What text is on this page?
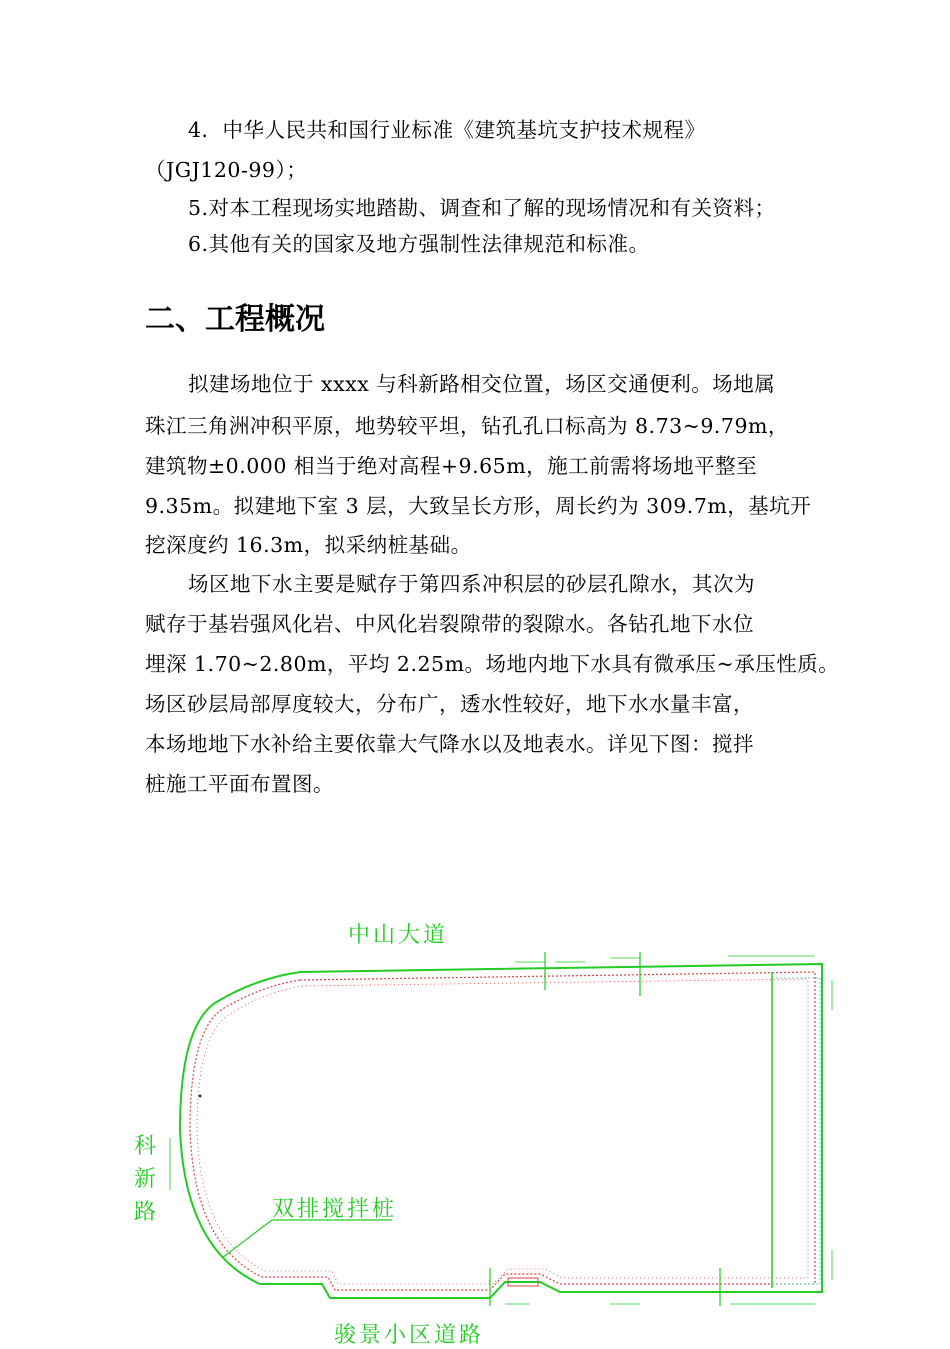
4．中华人民共和国行业标准《建筑基坑支护技术规程》
（JGJ120-99）；
5.对本工程现场实地踏勘、调查和了解的现场情况和有关资料；
6.其他有关的国家及地方强制性法律规范和标准。
二、工程概况
拟建场地位于 xxxx 与科新路相交位置，场区交通便利。场地属
珠江三角洲冲积平原，地势较平坦，钻孔孔口标高为 8.73~9.79m，
建筑物±0.000 相当于绝对高程+9.65m，施工前需将场地平整至
9.35m。拟建地下室 3 层，大致呈长方形，周长约为 309.7m，基坑开
挖深度约 16.3m，拟采纳桩基础。
场区地下水主要是赋存于第四系冲积层的砂层孔隙水，其次为
赋存于基岩强风化岩、中风化岩裂隙带的裂隙水。各钻孔地下水位
埋深 1.70~2.80m，平均 2.25m。场地内地下水具有微承压~承压性质。
场区砂层局部厚度较大，分布广，透水性较好，地下水水量丰富，
本场地地下水补给主要依靠大气降水以及地表水。详见下图：搅拌
桩施工平面布置图。
中山大道
科
新
路	双排搅拌桩
骏景小区道路
